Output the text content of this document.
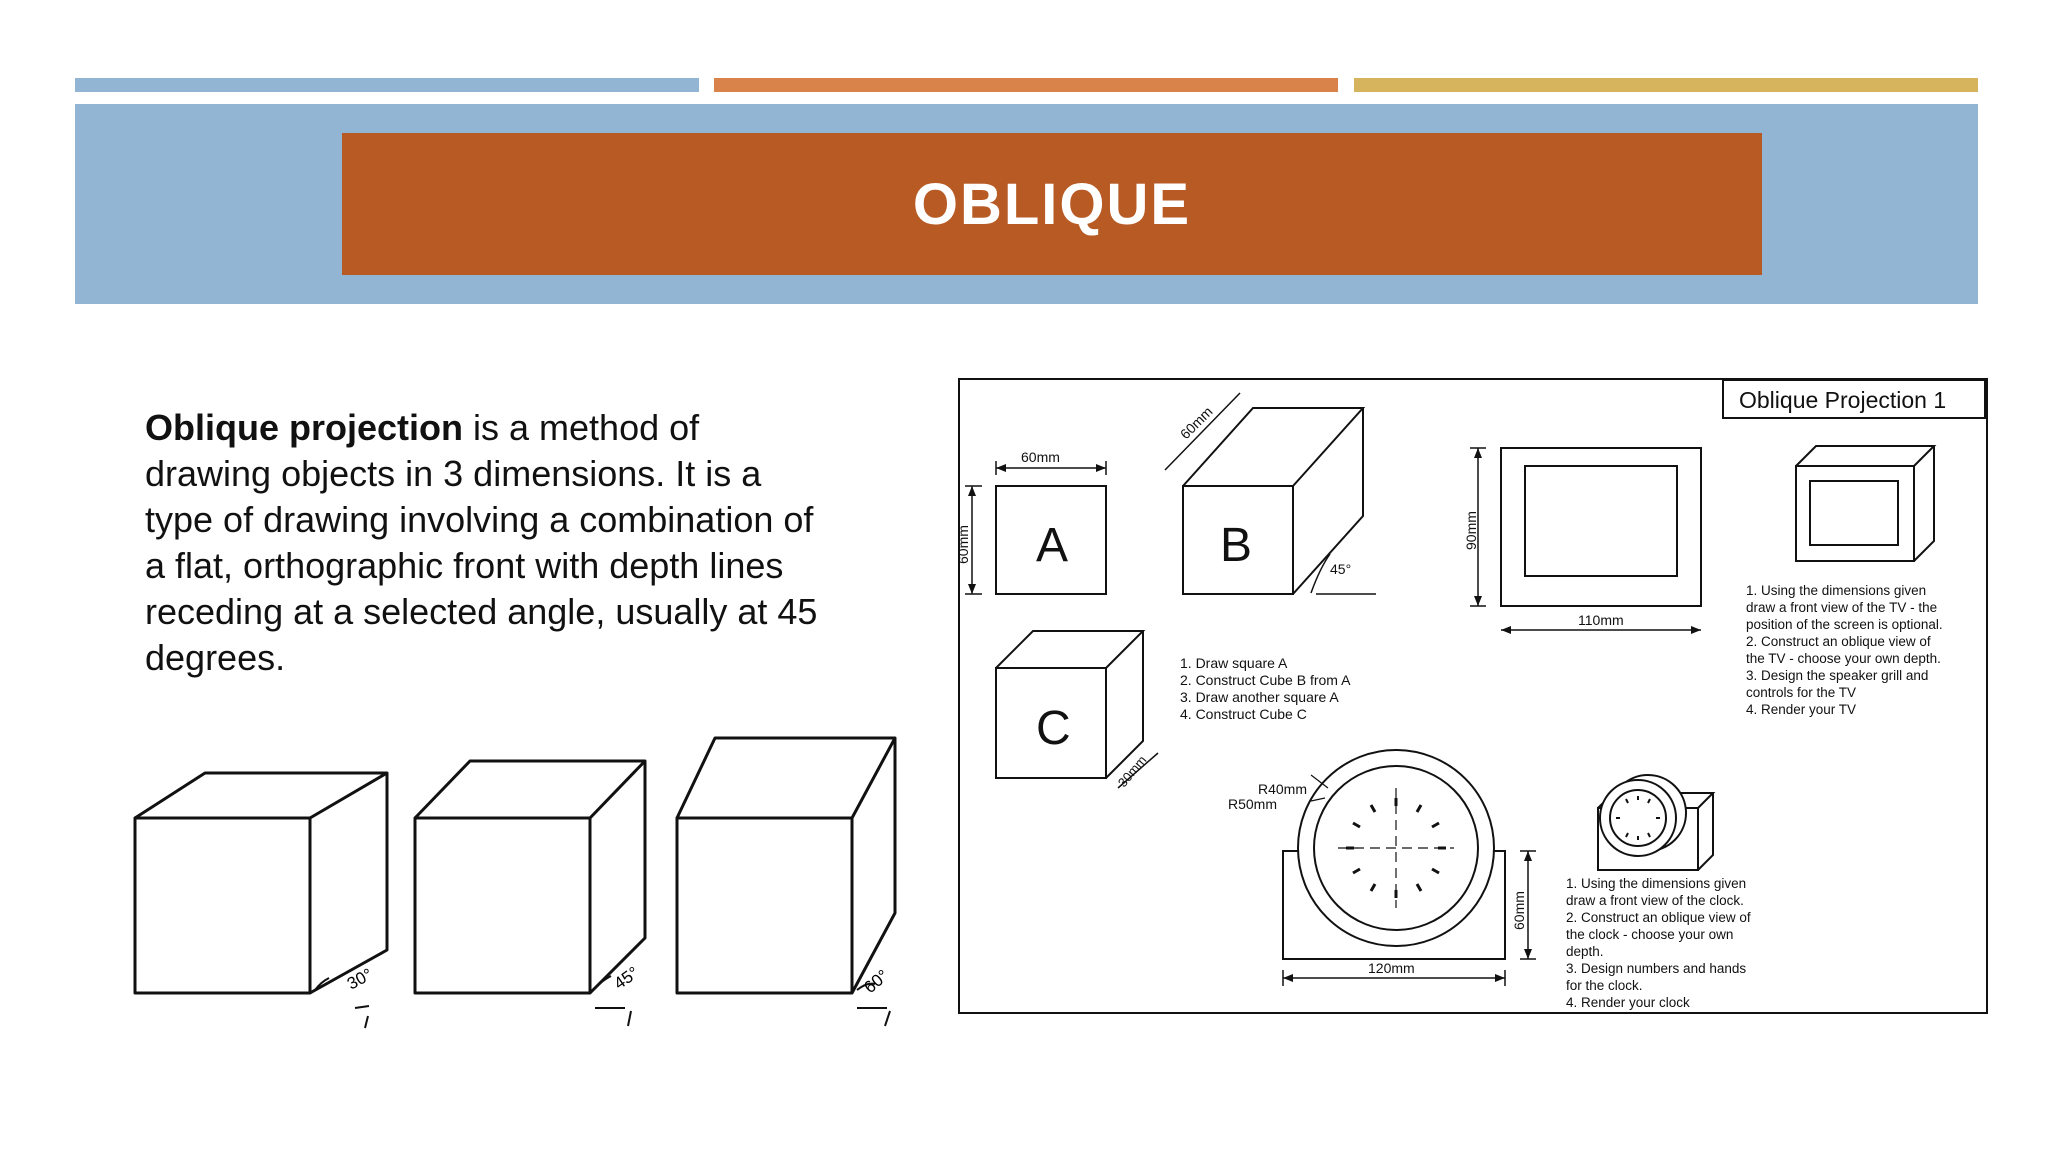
OBLIQUE
Oblique projection is a method of drawing objects in 3 dimensions. It is a type of drawing involving a combination of a flat, orthographic front with depth lines receding at a selected angle, usually at 45 degrees.
30°	45°	60°
Oblique Projection 1
60mm
60mm A	B
C
60mm
45°
30mm
1. Draw square A
2. Construct Cube B from A
3. Draw another square A
4. Construct Cube C
90mm
110mm
1. Using the dimensions given
draw a front view of the TV - the
position of the screen is optional.
2. Construct an oblique view of
the TV - choose your own depth.
3. Design the speaker grill and
controls for the TV
4. Render your TV
R40mm
R50mm
60mm
120mm
1. Using the dimensions given
draw a front view of the clock.
2. Construct an oblique view of
the clock - choose your own
depth.
3. Design numbers and hands
for the clock.
4. Render your clock
